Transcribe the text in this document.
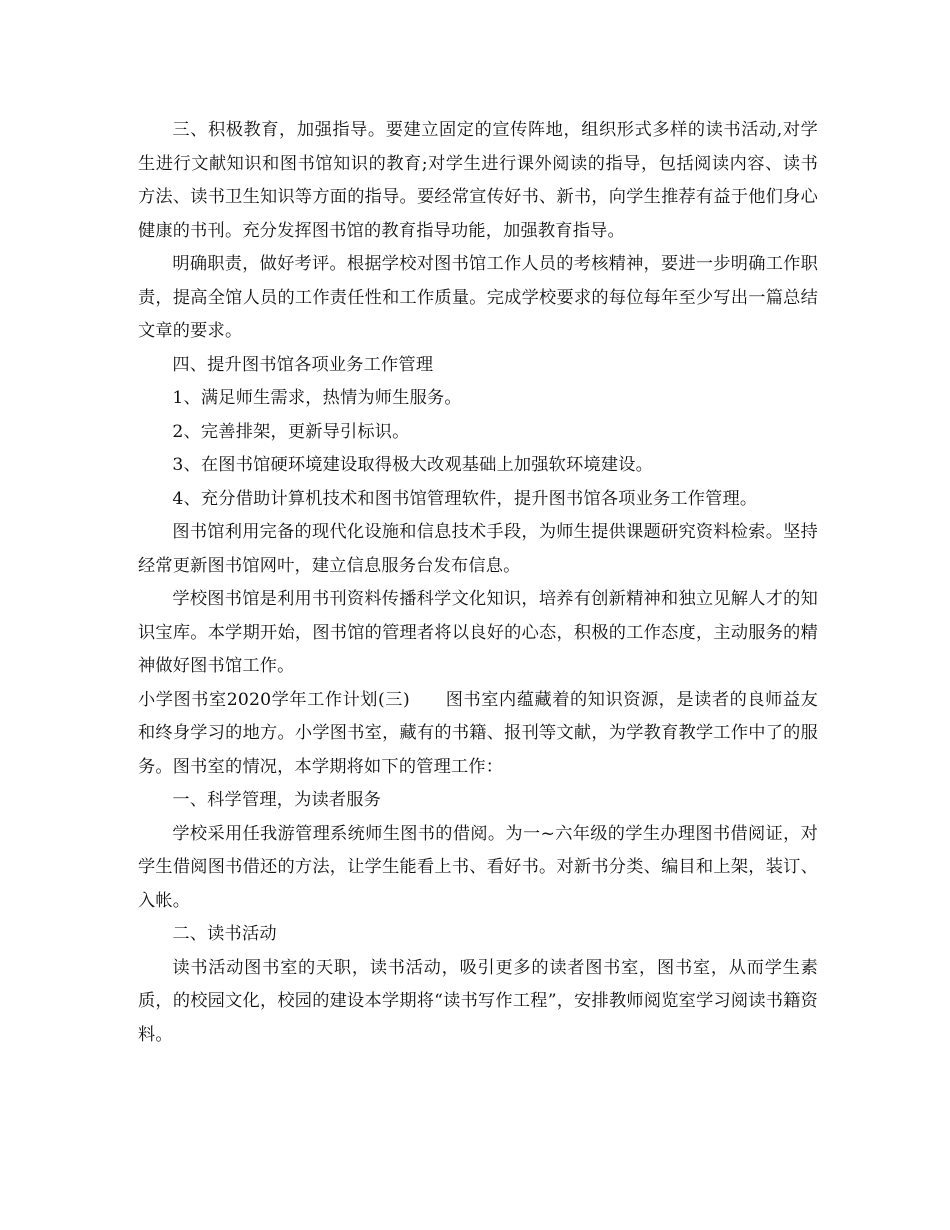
三、积极教育，加强指导。要建立固定的宣传阵地，组织形式多样的读书活动,对学生进行文献知识和图书馆知识的教育;对学生进行课外阅读的指导，包括阅读内容、读书方法、读书卫生知识等方面的指导。要经常宣传好书、新书，向学生推荐有益于他们身心健康的书刊。充分发挥图书馆的教育指导功能，加强教育指导。

明确职责，做好考评。根据学校对图书馆工作人员的考核精神，要进一步明确工作职责，提高全馆人员的工作责任性和工作质量。完成学校要求的每位每年至少写出一篇总结文章的要求。

四、提升图书馆各项业务工作管理

1、满足师生需求，热情为师生服务。

2、完善排架，更新导引标识。

3、在图书馆硬环境建设取得极大改观基础上加强软环境建设。

4、充分借助计算机技术和图书馆管理软件，提升图书馆各项业务工作管理。

图书馆利用完备的现代化设施和信息技术手段，为师生提供课题研究资料检索。坚持经常更新图书馆网叶，建立信息服务台发布信息。

学校图书馆是利用书刊资料传播科学文化知识，培养有创新精神和独立见解人才的知识宝库。本学期开始，图书馆的管理者将以良好的心态，积极的工作态度，主动服务的精神做好图书馆工作。

小学图书室2020学年工作计划(三)　　图书室内蕴藏着的知识资源，是读者的良师益友和终身学习的地方。小学图书室，藏有的书籍、报刊等文献，为学教育教学工作中了的服务。图书室的情况，本学期将如下的管理工作：

一、科学管理，为读者服务

学校采用任我游管理系统师生图书的借阅。为一~六年级的学生办理图书借阅证，对学生借阅图书借还的方法，让学生能看上书、看好书。对新书分类、编目和上架，装订、入帐。

二、读书活动

读书活动图书室的天职，读书活动，吸引更多的读者图书室，图书室，从而学生素质，的校园文化，校园的建设本学期将“读书写作工程”，安排教师阅览室学习阅读书籍资料。
